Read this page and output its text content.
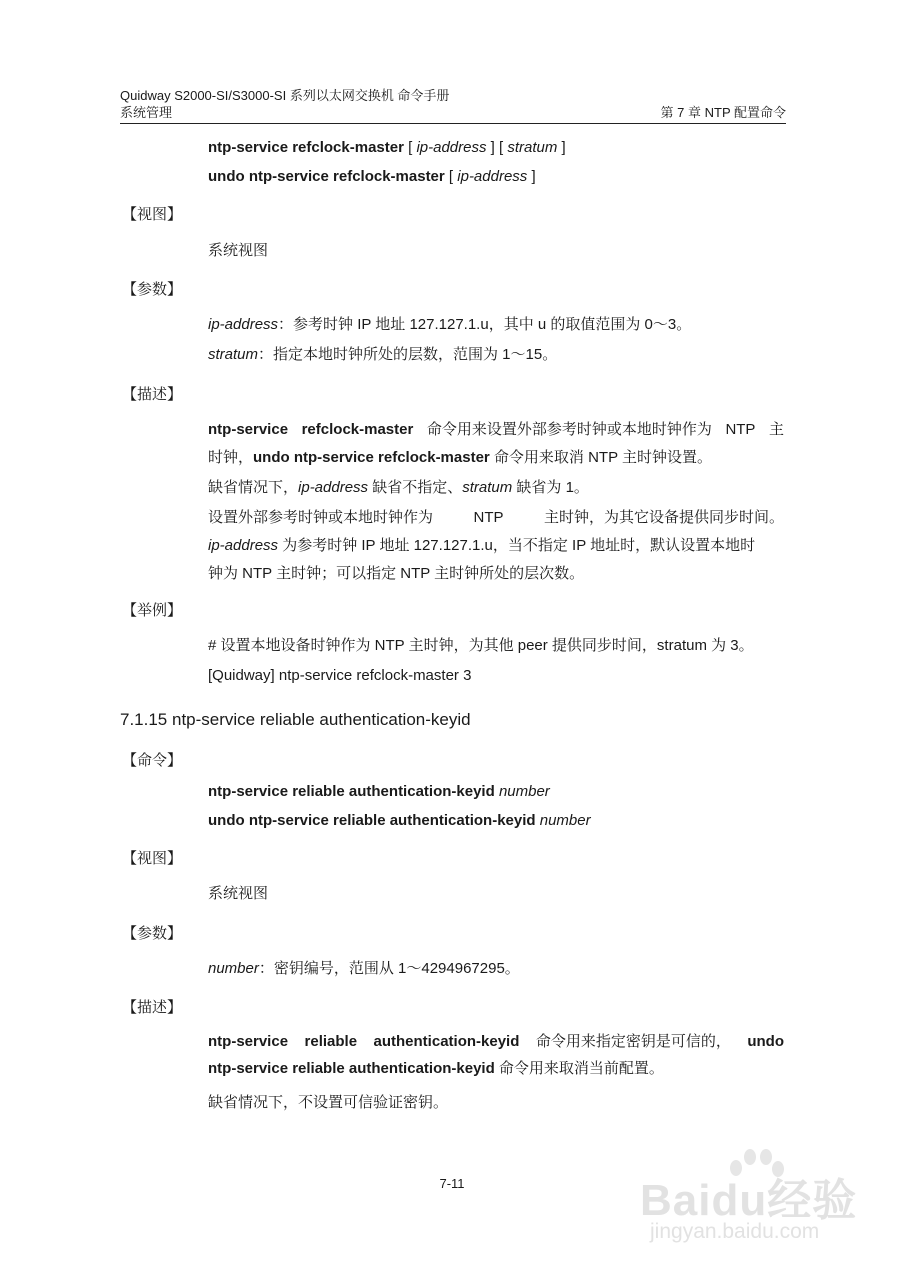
Quidway S2000-SI/S3000-SI 系列以太网交换机 命令手册
系统管理	第 7 章 NTP 配置命令
ntp-service refclock-master [ ip-address ] [ stratum ]
undo ntp-service refclock-master [ ip-address ]
【视图】
系统视图
【参数】
ip-address：参考时钟 IP 地址 127.127.1.u，其中 u 的取值范围为 0～3。
stratum：指定本地时钟所处的层数，范围为 1～15。
【描述】
ntp-service refclock-master 命令用来设置外部参考时钟或本地时钟作为 NTP 主
时钟，undo ntp-service refclock-master 命令用来取消 NTP 主时钟设置。
缺省情况下，ip-address 缺省不指定、stratum 缺省为 1。
设置外部参考时钟或本地时钟作为	NTP	主时钟，为其它设备提供同步时间。
ip-address 为参考时钟 IP 地址 127.127.1.u，当不指定 IP 地址时，默认设置本地时
钟为 NTP 主时钟；可以指定 NTP 主时钟所处的层次数。
【举例】
# 设置本地设备时钟作为 NTP 主时钟，为其他 peer 提供同步时间，stratum 为 3。
[Quidway] ntp-service refclock-master 3
7.1.15 ntp-service reliable authentication-keyid
【命令】
ntp-service reliable authentication-keyid number
undo ntp-service reliable authentication-keyid number
【视图】
系统视图
【参数】
number：密钥编号，范围从 1～4294967295。
【描述】
ntp-service reliable authentication-keyid 命令用来指定密钥是可信的， undo
ntp-service reliable authentication-keyid 命令用来取消当前配置。
缺省情况下，不设置可信验证密钥。
7-11	Baidu经验
jingyan.baidu.com
